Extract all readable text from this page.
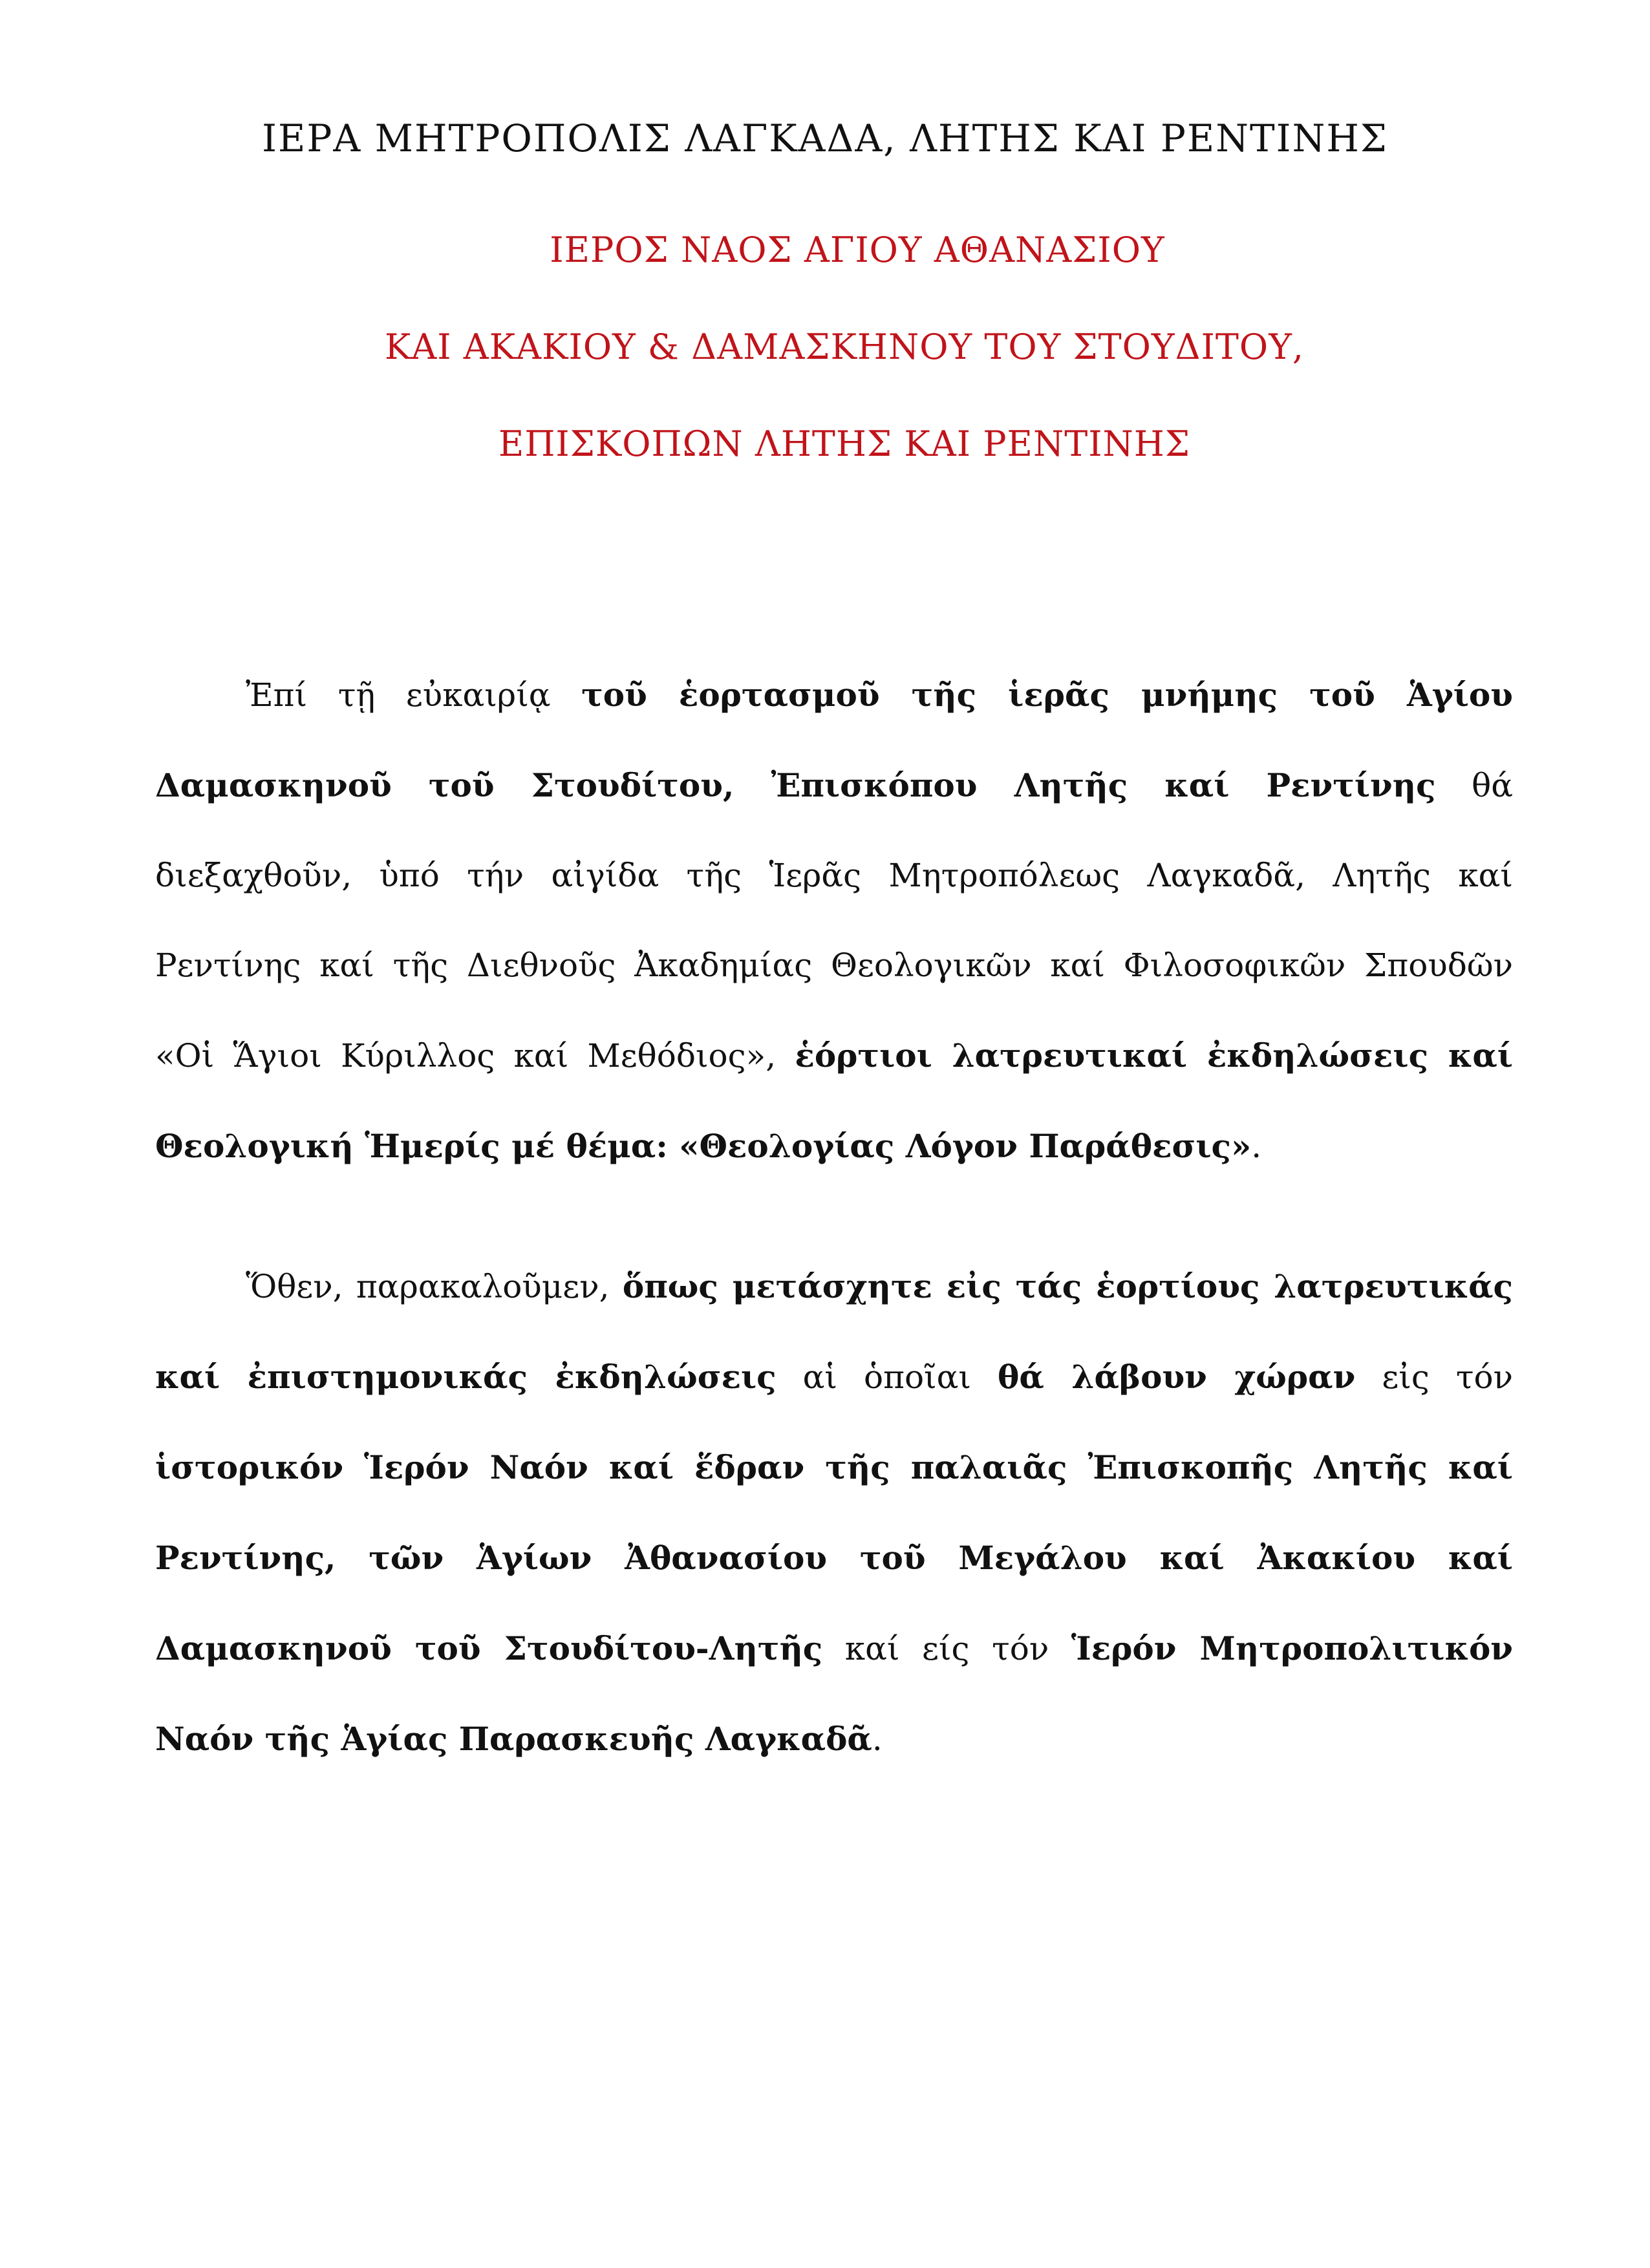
ΙΕΡΑ ΜΗΤΡΟΠΟΛΙΣ ΛΑΓΚΑΔΑ, ΛΗΤΗΣ ΚΑΙ ΡΕΝΤΙΝΗΣ

ΙΕΡΟΣ ΝΑΟΣ ΑΓΙΟΥ ΑΘΑΝΑΣΙΟΥ

ΚΑΙ ΑΚΑΚΙΟΥ & ΔΑΜΑΣΚΗΝΟΥ ΤΟΥ ΣΤΟΥΔΙΤΟΥ,

ΕΠΙΣΚΟΠΩΝ ΛΗΤΗΣ ΚΑΙ ΡΕΝΤΙΝΗΣ

Ἐπί τῇ εὐκαιρίᾳ τοῦ ἑορτασμοῦ τῆς ἱερᾶς μνήμης τοῦ Ἁγίου Δαμασκηνοῦ τοῦ Στουδίτου, Ἐπισκόπου Λητῆς καί Ρεντίνης θά διεξαχθοῦν, ὑπό τήν αἰγίδα τῆς Ἱερᾶς Μητροπόλεως Λαγκαδᾶ, Λητῆς καί Ρεντίνης καί τῆς Διεθνοῦς Ἀκαδημίας Θεολογικῶν καί Φιλοσοφικῶν Σπουδῶν «Οἱ Ἅγιοι Κύριλλος καί Μεθόδιος», ἑόρτιοι λατρευτικαί ἐκδηλώσεις καί Θεολογική Ἡμερίς μέ θέμα: «Θεολογίας Λόγον Παράθεσις».

Ὅθεν, παρακαλοῦμεν, ὅπως μετάσχητε εἰς τάς ἑορτίους λατρευτικάς καί ἐπιστημονικάς ἐκδηλώσεις αἱ ὁποῖαι θά λάβουν χώραν εἰς τόν ἱστορικόν Ἱερόν Ναόν καί ἕδραν τῆς παλαιᾶς Ἐπισκοπῆς Λητῆς καί Ρεντίνης, τῶν Ἁγίων Ἀθανασίου τοῦ Μεγάλου καί Ἀκακίου καί Δαμασκηνοῦ τοῦ Στουδίτου-Λητῆς καί είς τόν Ἱερόν Μητροπολιτικόν Ναόν τῆς Ἁγίας Παρασκευῆς Λαγκαδᾶ.
